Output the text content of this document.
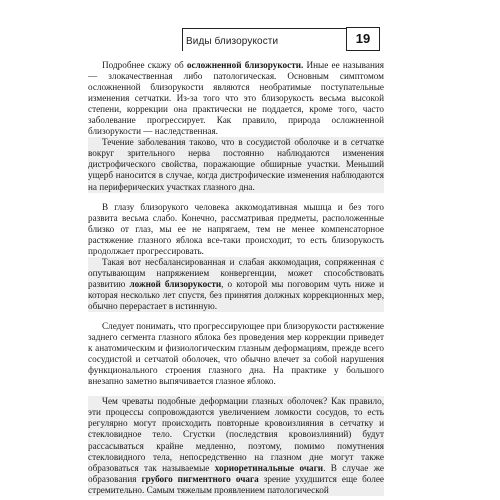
Виды близорукости	19

Подробнее скажу об осложненной близорукости. Иные ее называния — злокачественная либо патологическая. Основным симптомом осложненной близорукости являются необратимые поступательные изменения сетчатки. Из-за того что это близорукость весьма высокой степени, коррекции она практически не поддается, кроме того, часто заболевание прогрессирует. Как правило, природа осложненной близорукости — наследственная.

Течение заболевания таково, что в сосудистой оболочке и в сетчатке вокруг зрительного нерва постоянно наблюдаются изменения дистрофического свойства, поражающие обширные участки. Меньший ущерб наносится в случае, когда дистрофические изменения наблюдаются на периферических участках глазного дна.

В глазу близорукого человека аккомодативная мышца и без того развита весьма слабо. Конечно, рассматривая предметы, расположенные близко от глаз, мы ее не напрягаем, тем не менее компенсаторное растяжение глазного яблока все-таки происходит, то есть близорукость продолжает прогрессировать.

Такая вот несбалансированная и слабая аккомодация, сопряженная с опутывающим напряжением конвергенции, может способствовать развитию ложной близорукости, о которой мы поговорим чуть ниже и которая несколько лет спустя, без принятия должных коррекционных мер, обычно перерастает в истинную.

Следует понимать, что прогрессирующее при близорукости растяжение заднего сегмента глазного яблока без проведения мер коррекции приведет к анатомическим и физиологическим глазным деформациям, прежде всего сосудистой и сетчатой оболочек, что обычно влечет за собой нарушения функционального строения глазного дна. На практике у большого внезапно заметно выпячивается глазное яблоко.

Чем чреваты подобные деформации глазных оболочек? Как правило, эти процессы сопровождаются увеличением ломкости сосудов, то есть регулярно могут происходить повторные кровоизлияния в сетчатку и стекловидное тело. Сгустки (последствия кровоизлияний) будут рассасываться крайне медленно, поэтому, помимо помутнения стекловидного тела, непосредственно на глазном дне могут также образоваться так называемые хориоретинальные очаги. В случае же образования грубого пигментного очага зрение ухудшится еще более стремительно. Самым тяжелым проявлением патологической
